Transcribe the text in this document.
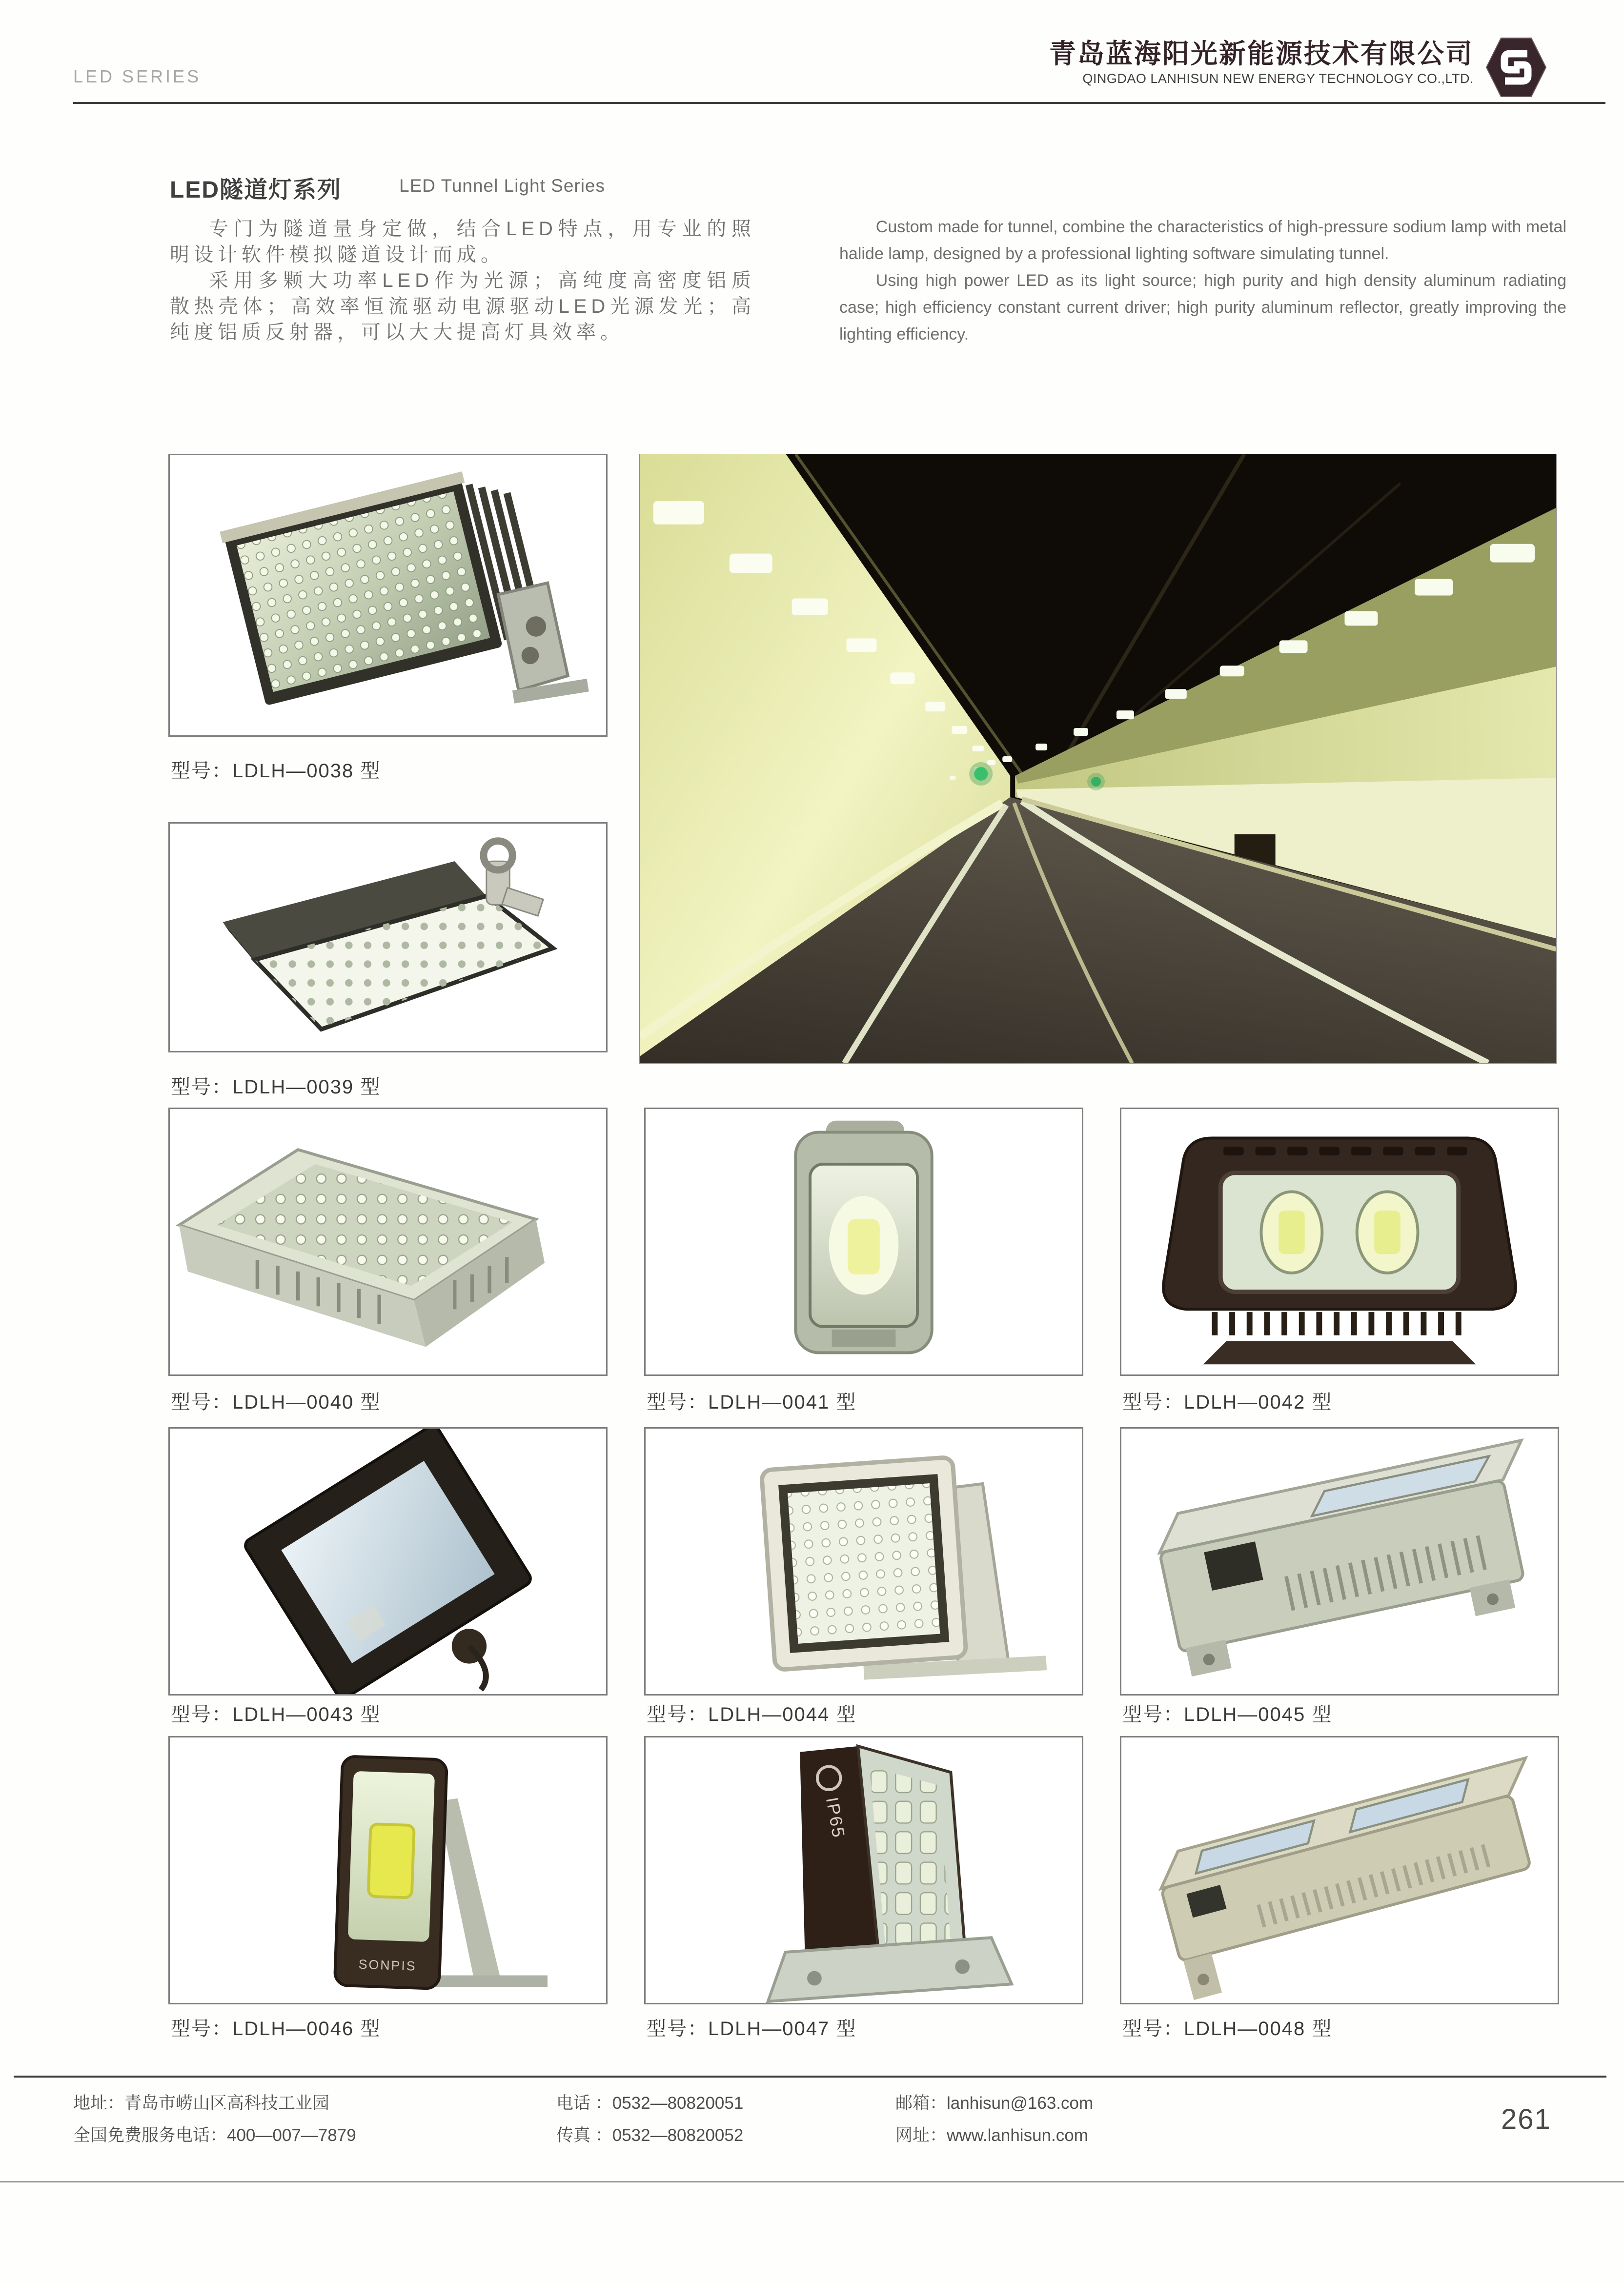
LED SERIES
青岛蓝海阳光新能源技术有限公司
QINGDAO LANHISUN NEW ENERGY TECHNOLOGY CO.,LTD.
LED隧道灯系列	LED Tunnel Light Series

专门为隧道量身定做，结合LED特点，用专业的照明设计软件模拟隧道设计而成。

采用多颗大功率LED作为光源；高纯度高密度铝质散热壳体；高效率恒流驱动电源驱动LED光源发光；高纯度铝质反射器，可以大大提高灯具效率。

Custom made for tunnel, combine the characteristics of high-pressure sodium lamp with metal halide lamp, designed by a professional lighting software simulating tunnel.

Using high power LED as its light source; high purity and high density aluminum radiating case; high efficiency constant current driver; high purity aluminum reflector, greatly improving the lighting efficiency.

型号：LDLH—0038 型
型号：LDLH—0039 型
型号：LDLH—0040 型	型号：LDLH—0041 型	型号：LDLH—0042 型
型号：LDLH—0043 型	型号：LDLH—0044 型	型号：LDLH—0045 型
SONPIS
型号：LDLH—0046 型
IP65
型号：LDLH—0047 型	型号：LDLH—0048 型
地址：青岛市崂山区高科技工业园
全国免费服务电话：400—007—7879
电话 ：0532—80820051
传真 ：0532—80820052
邮箱：lanhisun@163.com
网址：www.lanhisun.com
261
